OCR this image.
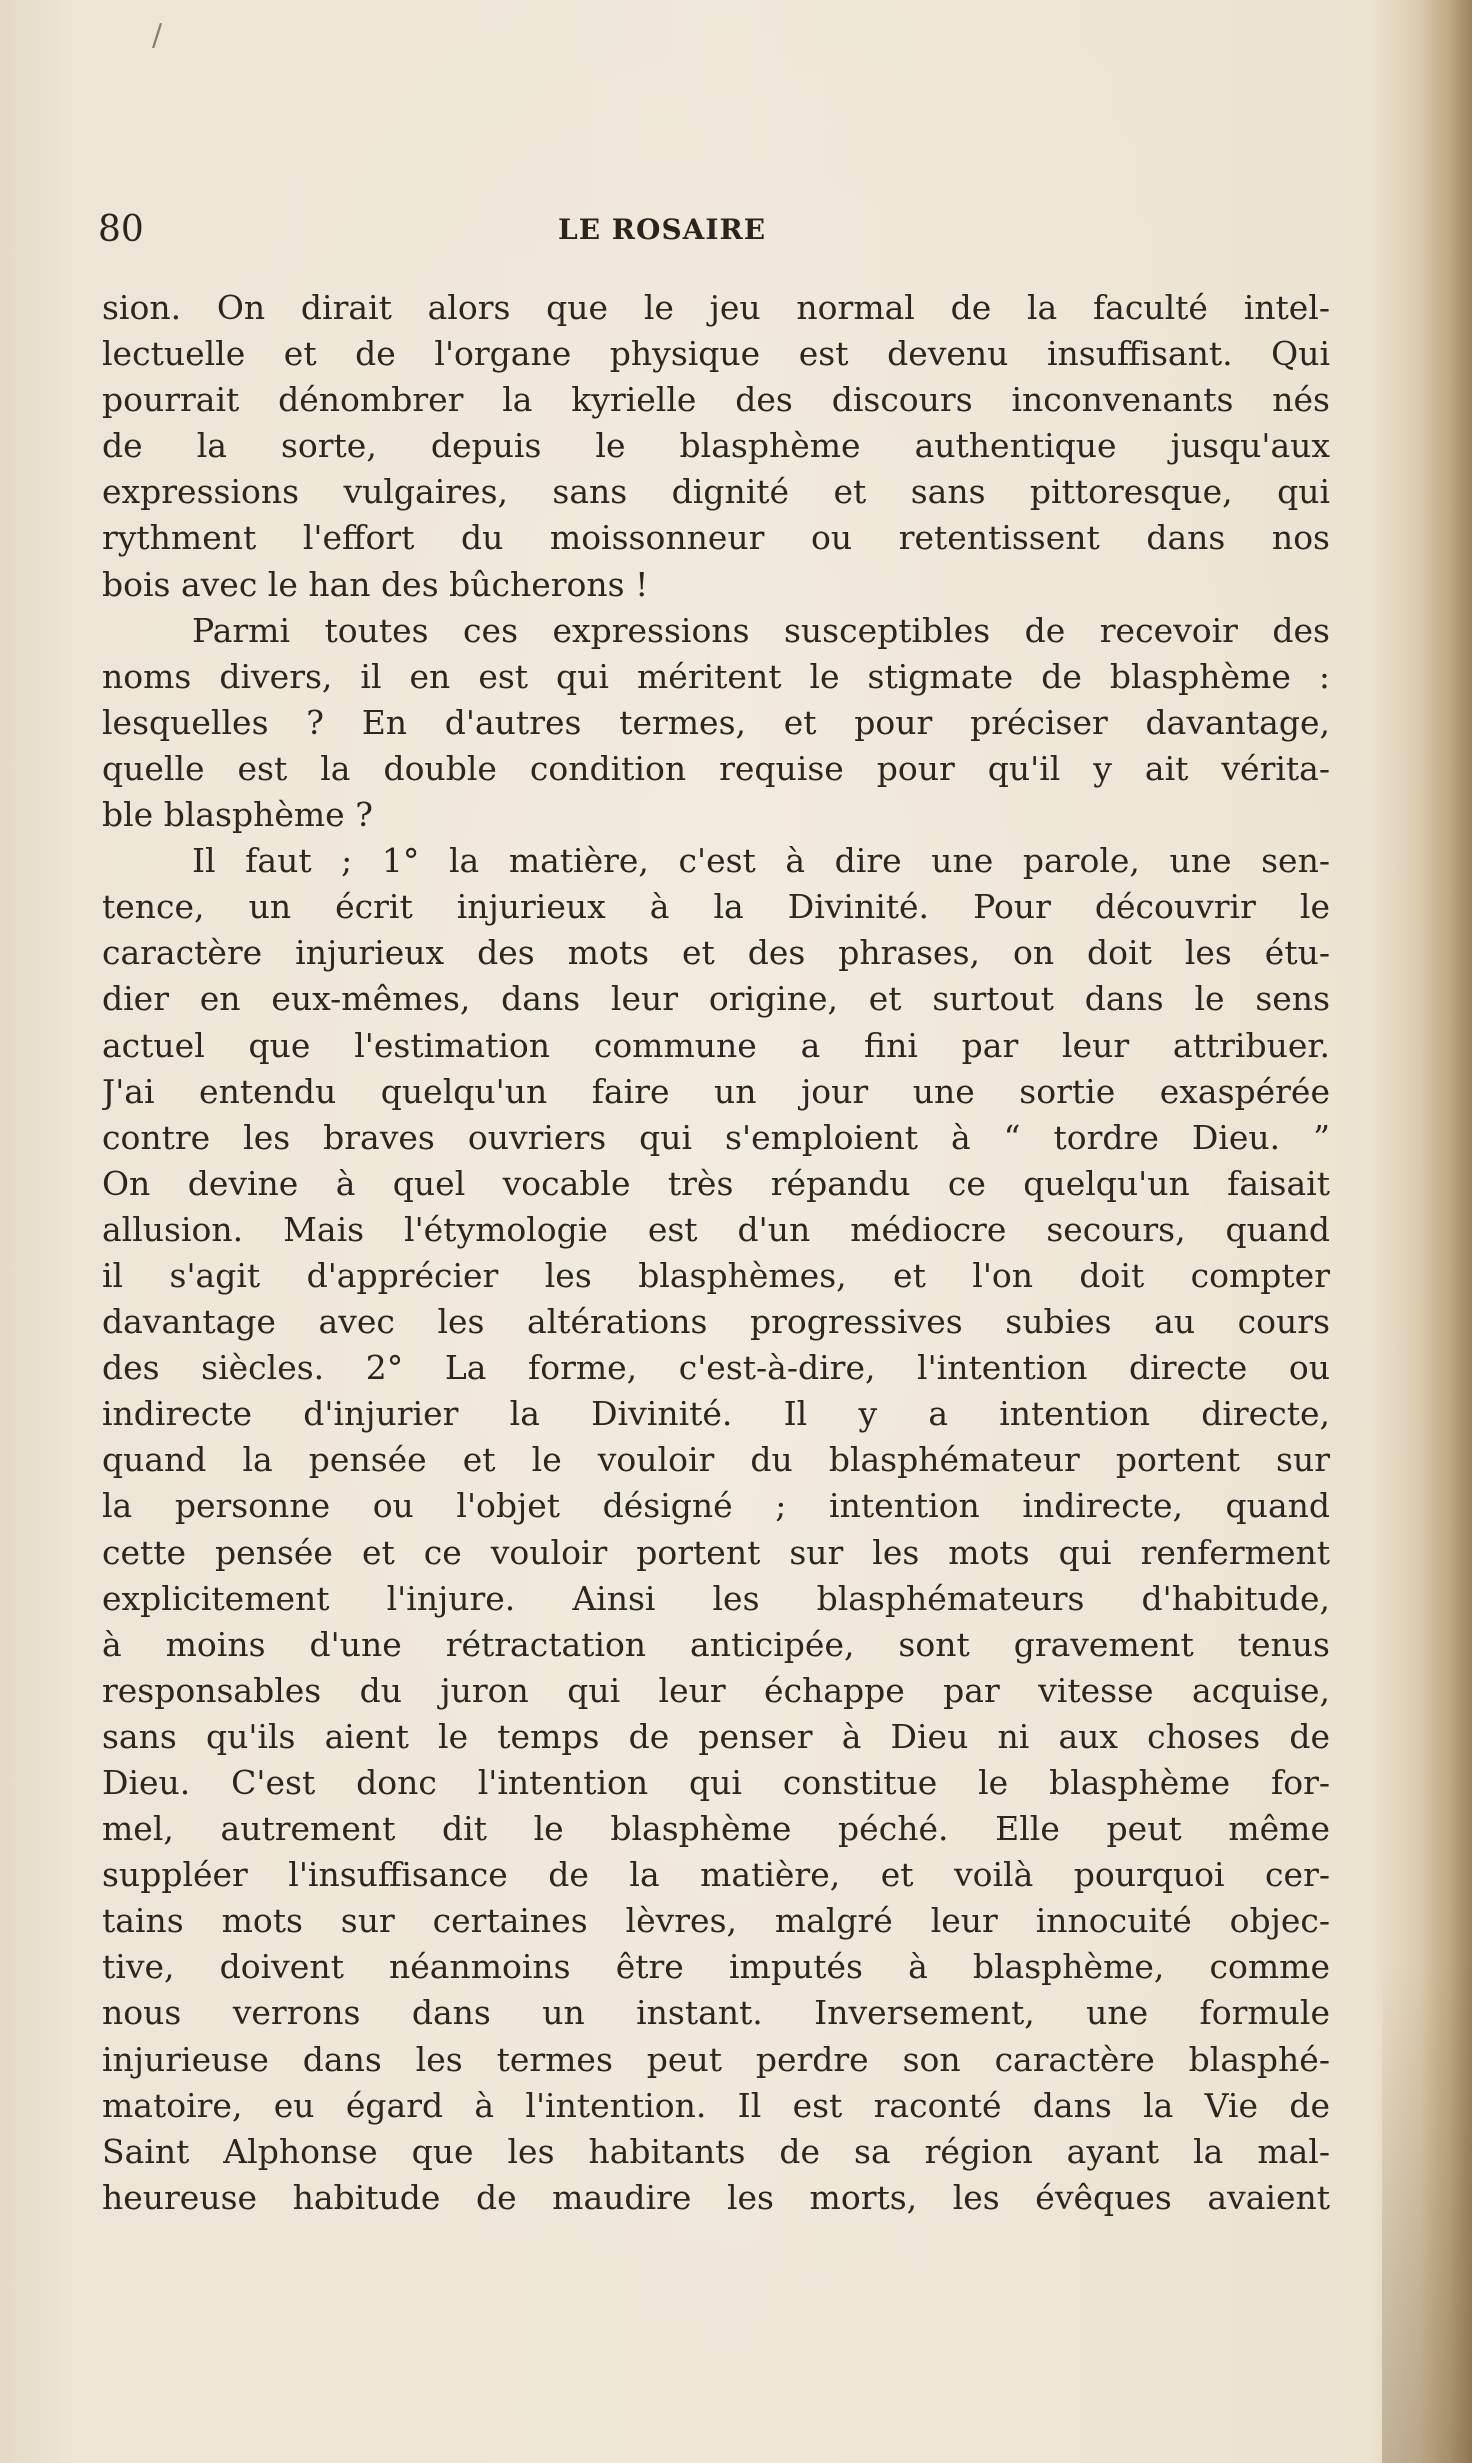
/
80	LE ROSAIRE
sion. On dirait alors que le jeu normal de la faculté intel-
lectuelle et de l'organe physique est devenu insuffisant. Qui
pourrait dénombrer la kyrielle des discours inconvenants nés
de la sorte, depuis le blasphème authentique jusqu'aux
expressions vulgaires, sans dignité et sans pittoresque, qui
rythment l'effort du moissonneur ou retentissent dans nos
bois avec le han des bûcherons !
Parmi toutes ces expressions susceptibles de recevoir des
noms divers, il en est qui méritent le stigmate de blasphème :
lesquelles ? En d'autres termes, et pour préciser davantage,
quelle est la double condition requise pour qu'il y ait vérita-
ble blasphème ?
Il faut ; 1° la matière, c'est à dire une parole, une sen-
tence, un écrit injurieux à la Divinité. Pour découvrir le
caractère injurieux des mots et des phrases, on doit les étu-
dier en eux-mêmes, dans leur origine, et surtout dans le sens
actuel que l'estimation commune a fini par leur attribuer.
J'ai entendu quelqu'un faire un jour une sortie exaspérée
contre les braves ouvriers qui s'emploient à “ tordre Dieu. ”
On devine à quel vocable très répandu ce quelqu'un faisait
allusion. Mais l'étymologie est d'un médiocre secours, quand
il s'agit d'apprécier les blasphèmes, et l'on doit compter
davantage avec les altérations progressives subies au cours
des siècles. 2° La forme, c'est-à-dire, l'intention directe ou
indirecte d'injurier la Divinité. Il y a intention directe,
quand la pensée et le vouloir du blasphémateur portent sur
la personne ou l'objet désigné ; intention indirecte, quand
cette pensée et ce vouloir portent sur les mots qui renferment
explicitement l'injure. Ainsi les blasphémateurs d'habitude,
à moins d'une rétractation anticipée, sont gravement tenus
responsables du juron qui leur échappe par vitesse acquise,
sans qu'ils aient le temps de penser à Dieu ni aux choses de
Dieu. C'est donc l'intention qui constitue le blasphème for-
mel, autrement dit le blasphème péché. Elle peut même
suppléer l'insuffisance de la matière, et voilà pourquoi cer-
tains mots sur certaines lèvres, malgré leur innocuité objec-
tive, doivent néanmoins être imputés à blasphème, comme
nous verrons dans un instant. Inversement, une formule
injurieuse dans les termes peut perdre son caractère blasphé-
matoire, eu égard à l'intention. Il est raconté dans la Vie de
Saint Alphonse que les habitants de sa région ayant la mal-
heureuse habitude de maudire les morts, les évêques avaient
